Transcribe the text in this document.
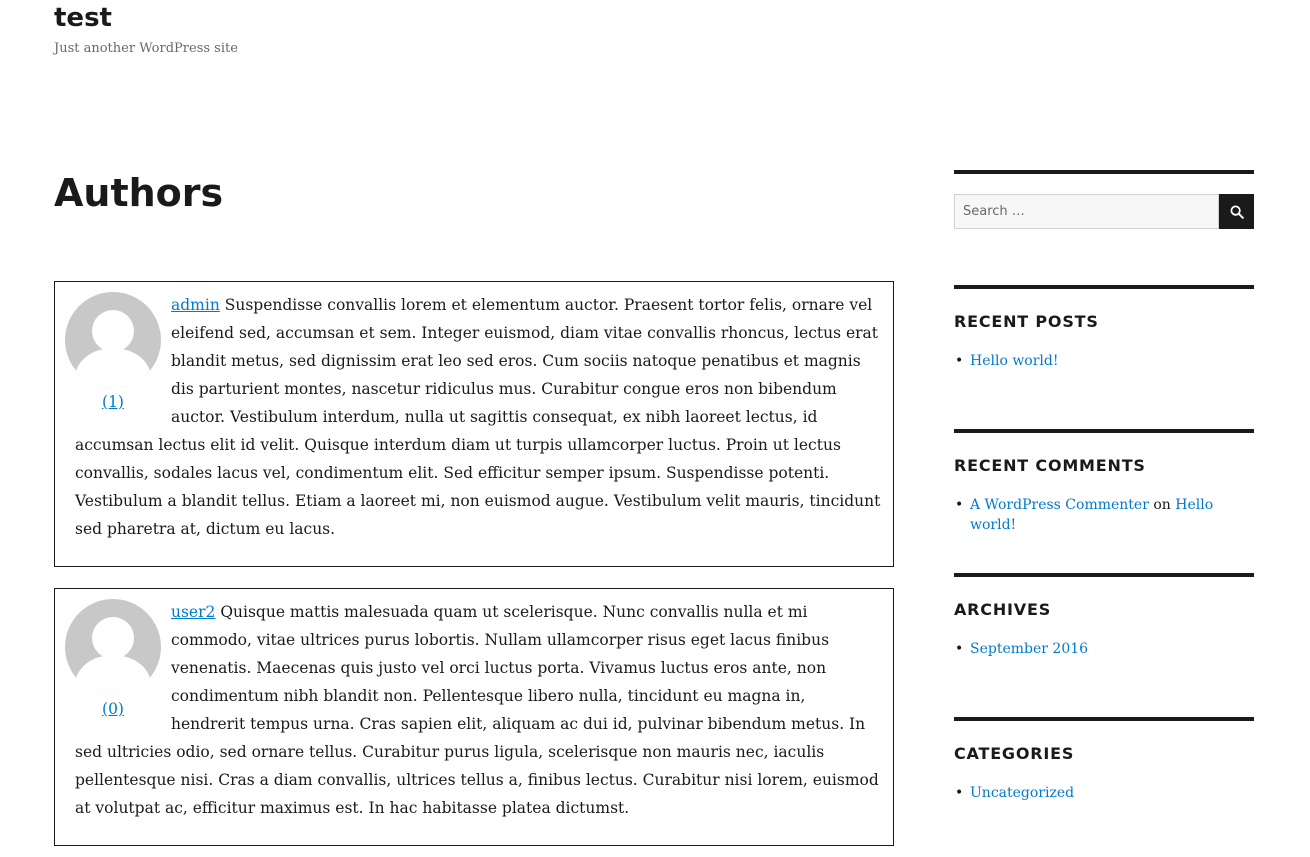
test

Just another WordPress site

Authors
(1)
admin Suspendisse convallis lorem et elementum auctor. Praesent tortor felis, ornare vel eleifend sed, accumsan et sem. Integer euismod, diam vitae convallis rhoncus, lectus erat blandit metus, sed dignissim erat leo sed eros. Cum sociis natoque penatibus et magnis dis parturient montes, nascetur ridiculus mus. Curabitur congue eros non bibendum auctor. Vestibulum interdum, nulla ut sagittis consequat, ex nibh laoreet lectus, id accumsan lectus elit id velit. Quisque interdum diam ut turpis ullamcorper luctus. Proin ut lectus convallis, sodales lacus vel, condimentum elit. Sed efficitur semper ipsum. Suspendisse potenti. Vestibulum a blandit tellus. Etiam a laoreet mi, non euismod augue. Vestibulum velit mauris, tincidunt sed pharetra at, dictum eu lacus.
(0)
user2 Quisque mattis malesuada quam ut scelerisque. Nunc convallis nulla et mi commodo, vitae ultrices purus lobortis. Nullam ullamcorper risus eget lacus finibus venenatis. Maecenas quis justo vel orci luctus porta. Vivamus luctus eros ante, non condimentum nibh blandit non. Pellentesque libero nulla, tincidunt eu magna in, hendrerit tempus urna. Cras sapien elit, aliquam ac dui id, pulvinar bibendum metus. In sed ultricies odio, sed ornare tellus. Curabitur purus ligula, scelerisque non mauris nec, iaculis pellentesque nisi. Cras a diam convallis, ultrices tellus a, finibus lectus. Curabitur nisi lorem, euismod at volutpat ac, efficitur maximus est. In hac habitasse platea dictumst.
Search …
RECENT POSTS
• Hello world!
RECENT COMMENTS
• A WordPress Commenter on Hello world!
ARCHIVES
• September 2016
CATEGORIES
• Uncategorized
